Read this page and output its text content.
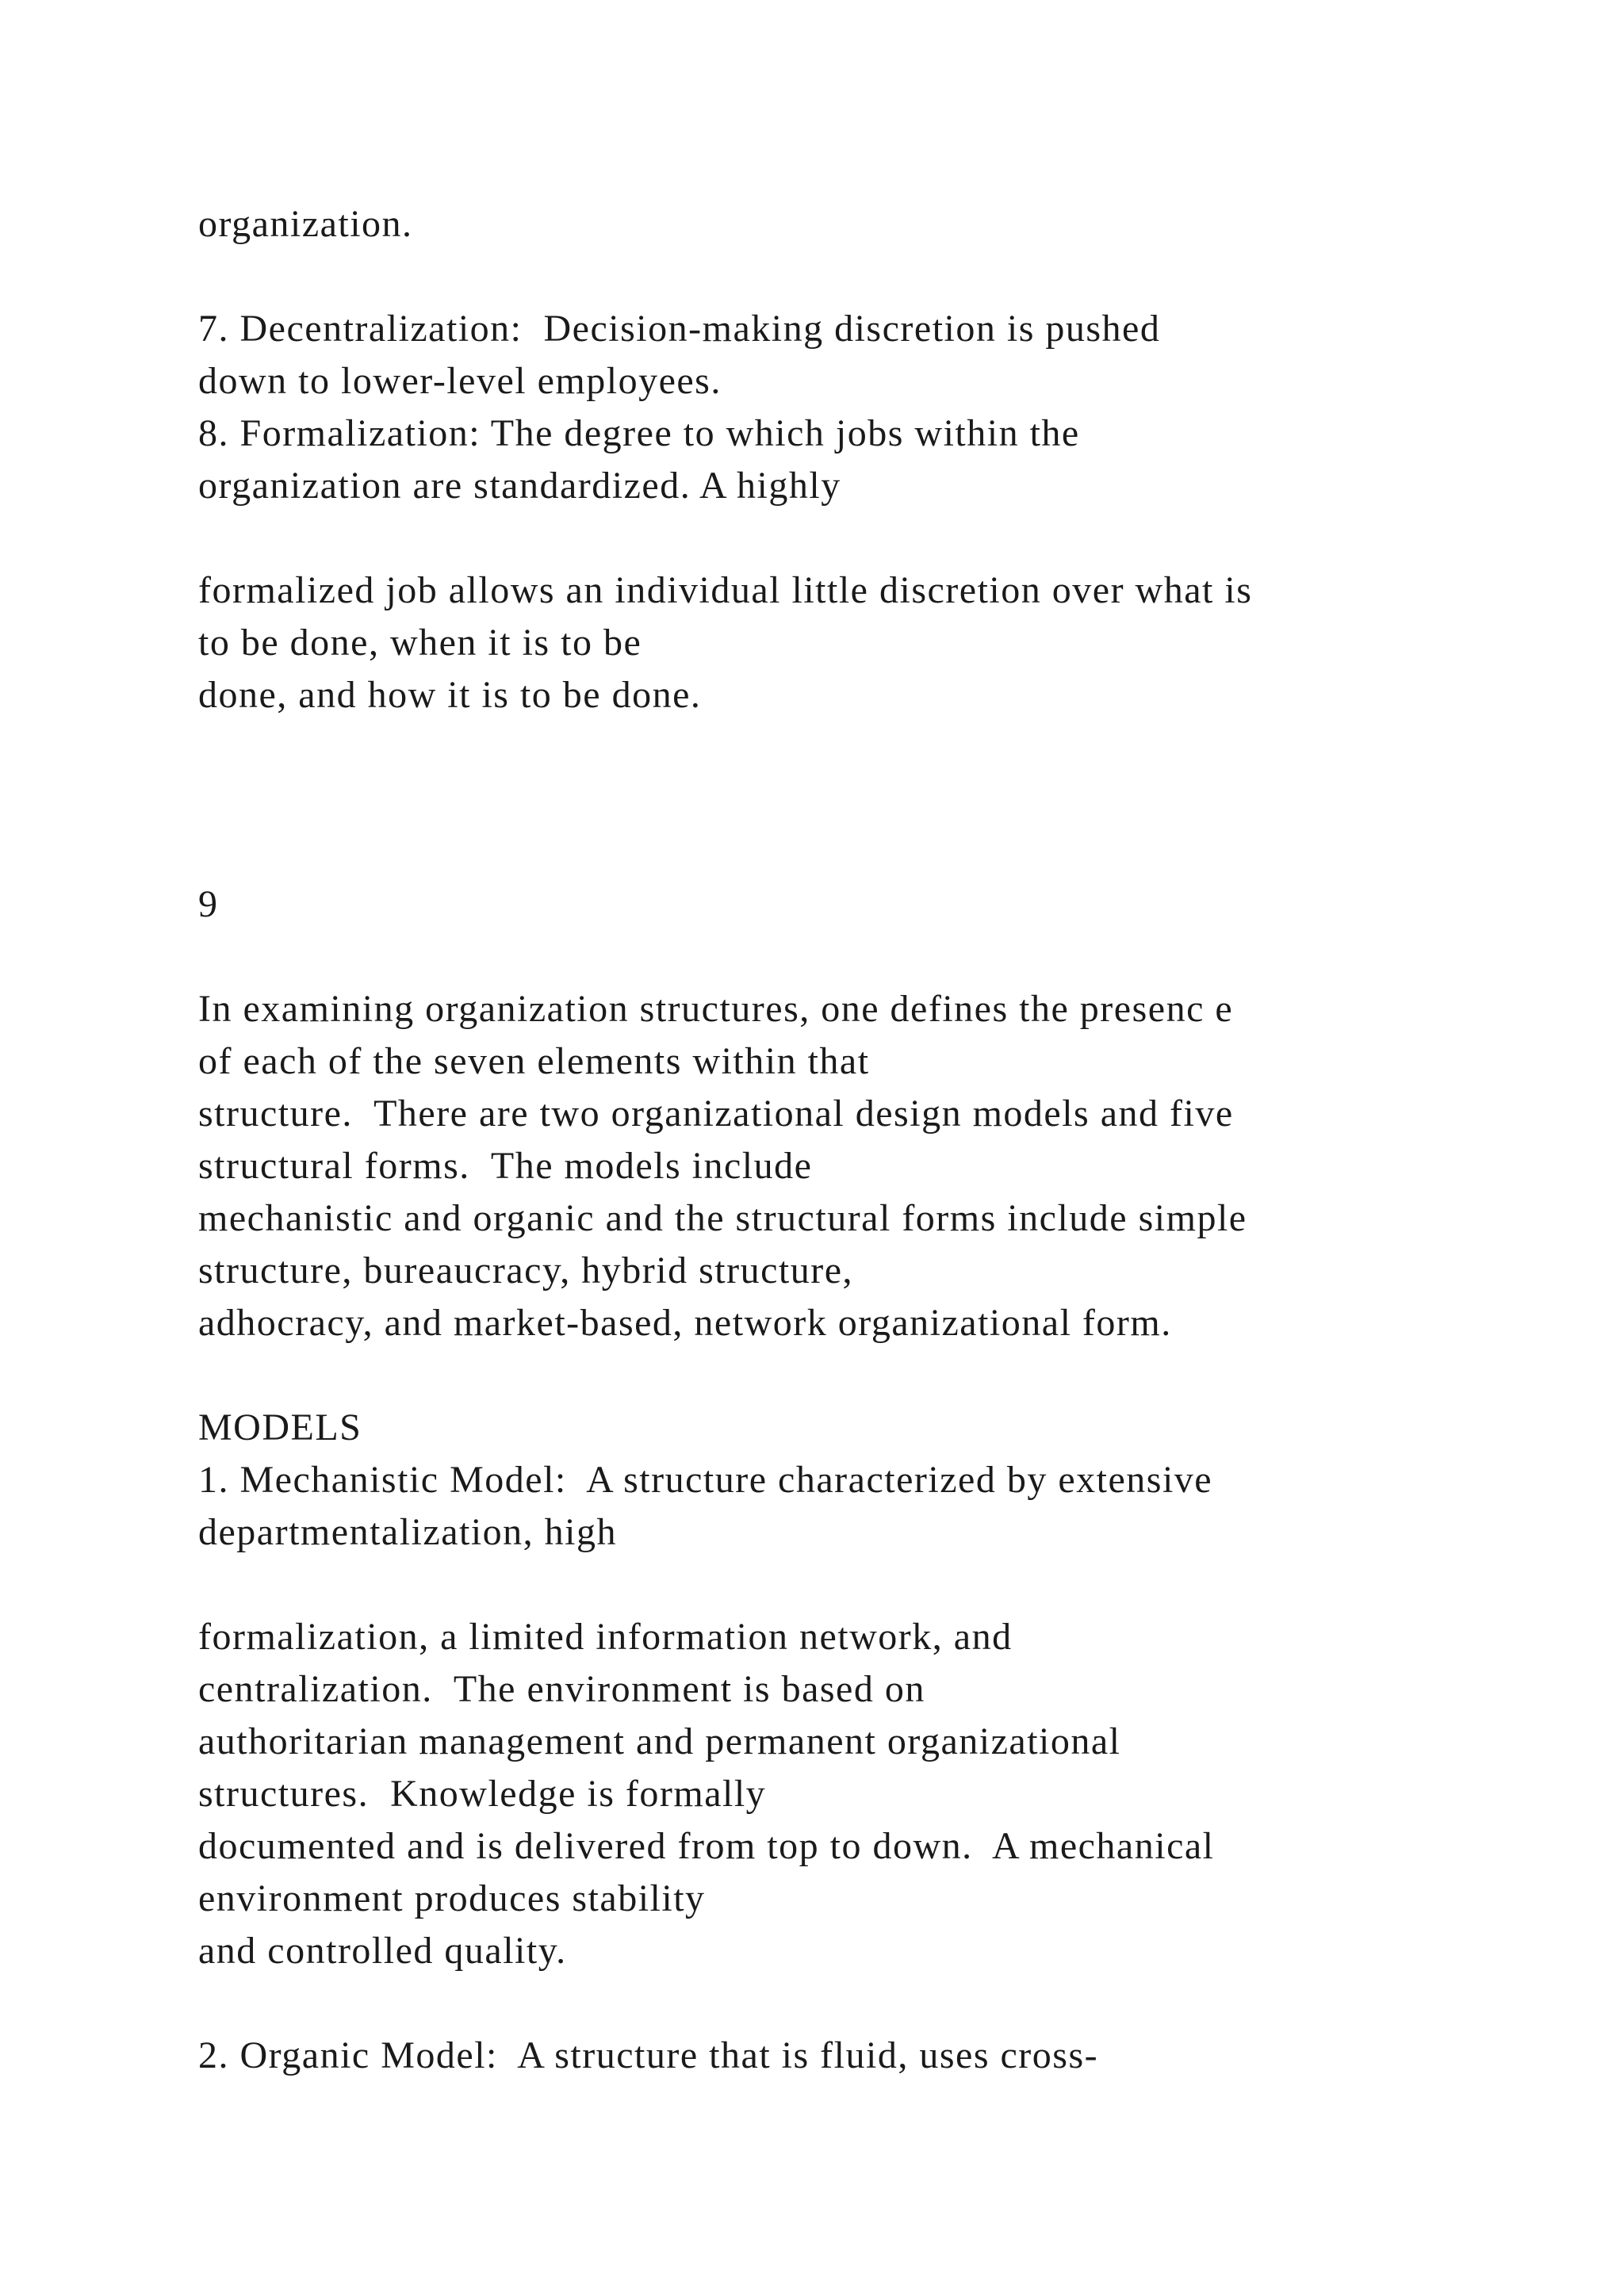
organization.

7. Decentralization:  Decision-making discretion is pushed

down to lower-level employees.

8. Formalization: The degree to which jobs within the

organization are standardized. A highly

formalized job allows an individual little discretion over what is

to be done, when it is to be

done, and how it is to be done.

9

In examining organization structures, one defines the presenc e

of each of the seven elements within that

structure.  There are two organizational design models and five

structural forms.  The models include

mechanistic and organic and the structural forms include simple

structure, bureaucracy, hybrid structure,

adhocracy, and market-based, network organizational form.

MODELS

1. Mechanistic Model:  A structure characterized by extensive

departmentalization, high

formalization, a limited information network, and

centralization.  The environment is based on

authoritarian management and permanent organizational

structures.  Knowledge is formally

documented and is delivered from top to down.  A mechanical

environment produces stability

and controlled quality.

2. Organic Model:  A structure that is fluid, uses cross-
